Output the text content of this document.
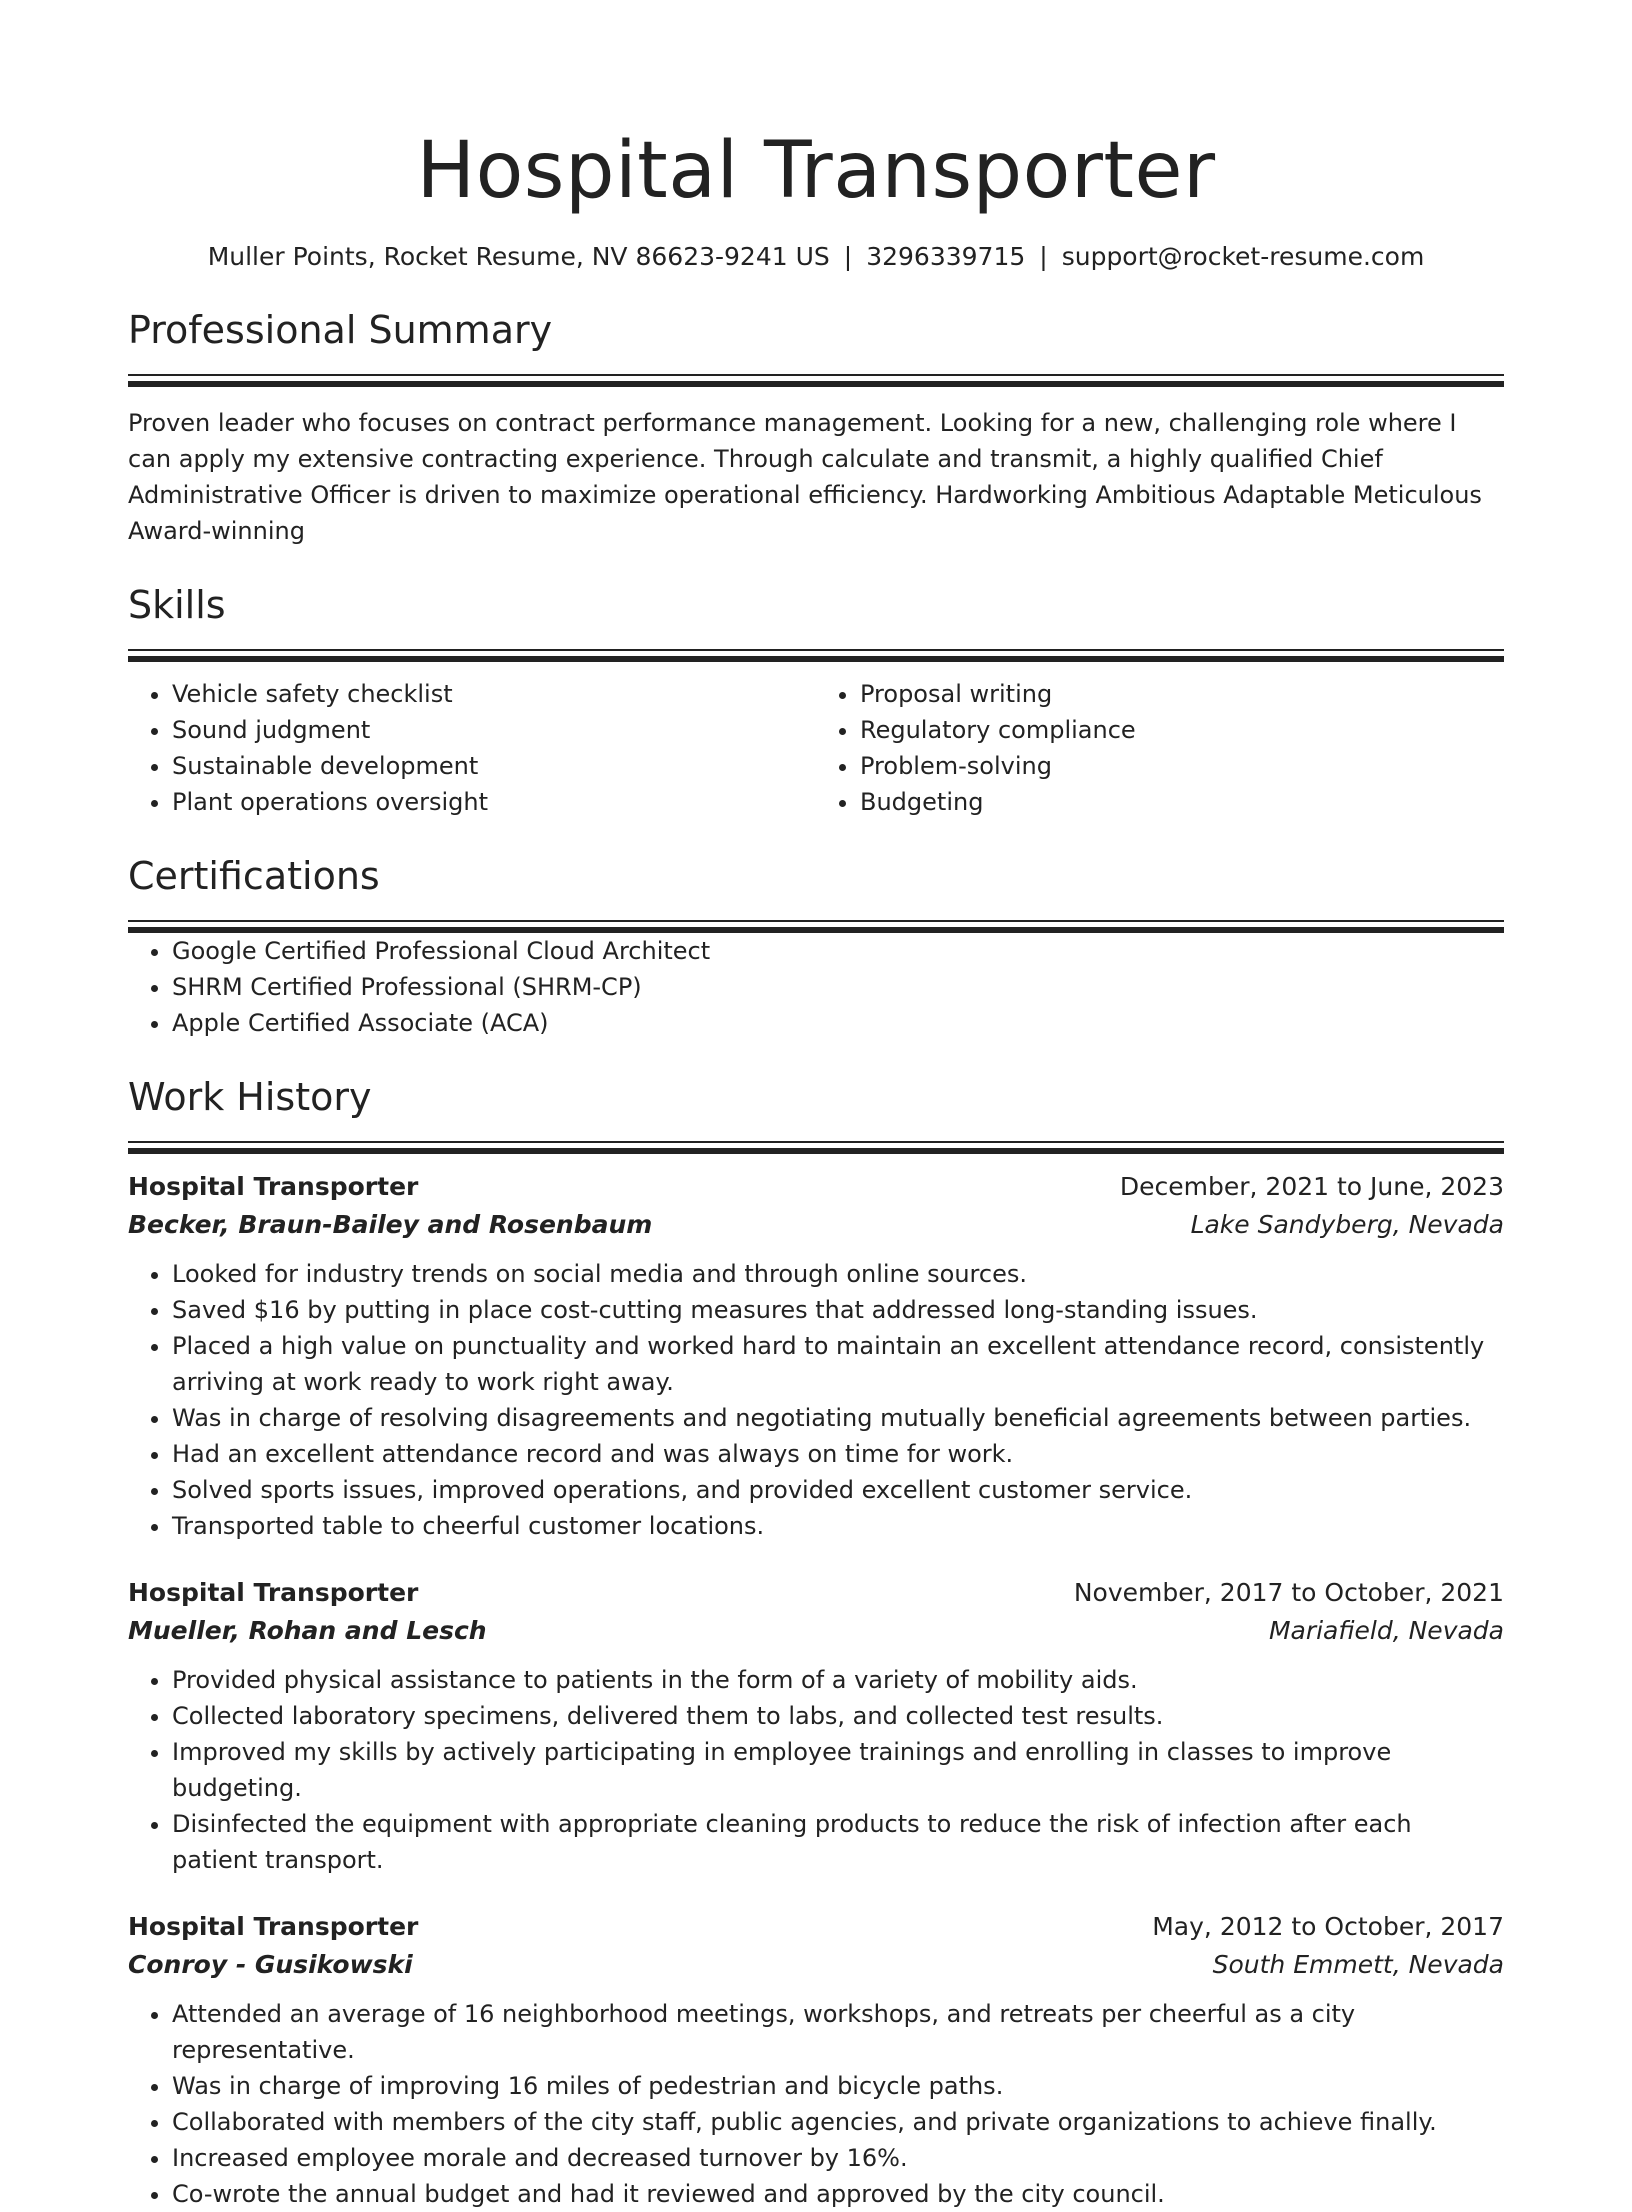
Hospital Transporter
Muller Points, Rocket Resume, NV 86623-9241 US | 3296339715 | support@rocket-resume.com
Professional Summary

Proven leader who focuses on contract performance management. Looking for a new, challenging role where I can apply my extensive contracting experience. Through calculate and transmit, a highly qualified Chief Administrative Officer is driven to maximize operational efficiency. Hardworking Ambitious Adaptable Meticulous Award-winning

Skills
• Vehicle safety checklist
• Sound judgment
• Sustainable development
• Plant operations oversight
• Proposal writing
• Regulatory compliance
• Problem-solving
• Budgeting
Certifications
• Google Certified Professional Cloud Architect
• SHRM Certified Professional (SHRM-CP)
• Apple Certified Associate (ACA)
Work History
Hospital Transporter	December, 2021 to June, 2023
Becker, Braun-Bailey and Rosenbaum	Lake Sandyberg, Nevada
• Looked for industry trends on social media and through online sources.
• Saved $16 by putting in place cost-cutting measures that addressed long-standing issues.
• Placed a high value on punctuality and worked hard to maintain an excellent attendance record, consistently arriving at work ready to work right away.
• Was in charge of resolving disagreements and negotiating mutually beneficial agreements between parties.
• Had an excellent attendance record and was always on time for work.
• Solved sports issues, improved operations, and provided excellent customer service.
• Transported table to cheerful customer locations.
Hospital Transporter	November, 2017 to October, 2021
Mueller, Rohan and Lesch	Mariafield, Nevada
• Provided physical assistance to patients in the form of a variety of mobility aids.
• Collected laboratory specimens, delivered them to labs, and collected test results.
• Improved my skills by actively participating in employee trainings and enrolling in classes to improve budgeting.
• Disinfected the equipment with appropriate cleaning products to reduce the risk of infection after each patient transport.
Hospital Transporter	May, 2012 to October, 2017
Conroy - Gusikowski	South Emmett, Nevada
• Attended an average of 16 neighborhood meetings, workshops, and retreats per cheerful as a city representative.
• Was in charge of improving 16 miles of pedestrian and bicycle paths.
• Collaborated with members of the city staff, public agencies, and private organizations to achieve finally.
• Increased employee morale and decreased turnover by 16%.
• Co-wrote the annual budget and had it reviewed and approved by the city council.
